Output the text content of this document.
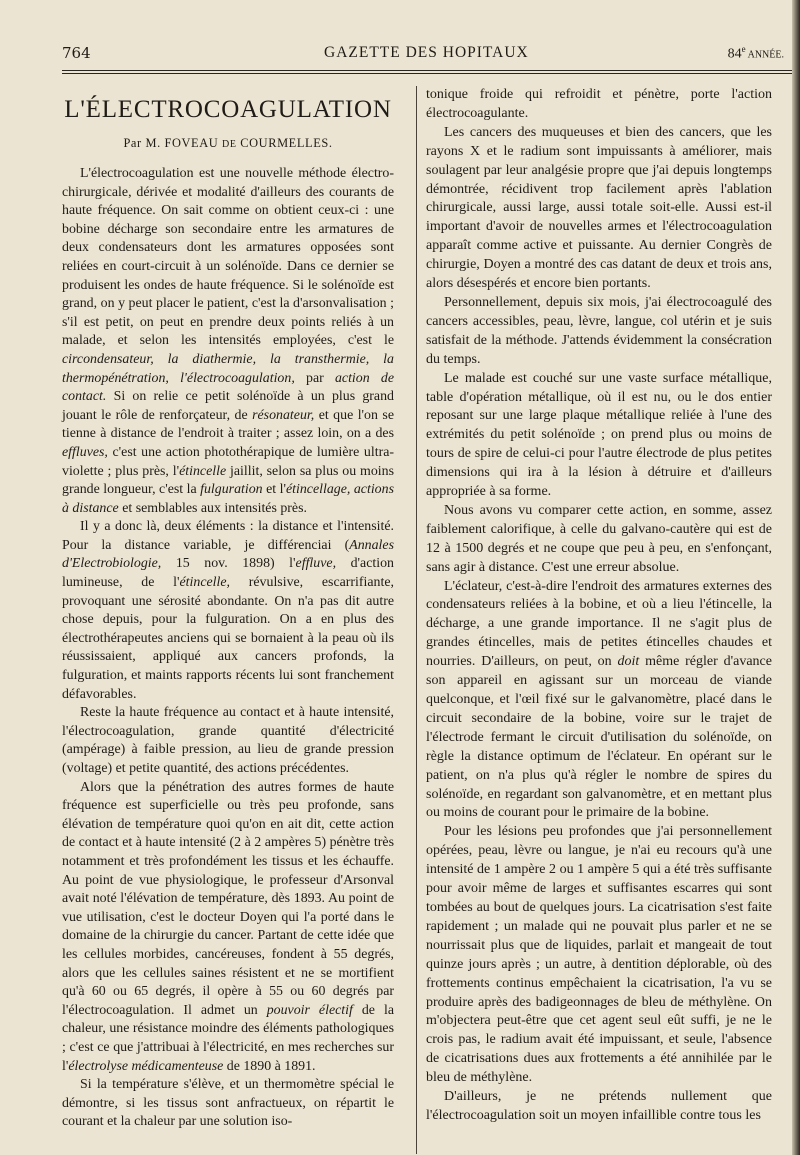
764	GAZETTE DES HOPITAUX	84e ANNÉE.
L'ÉLECTROCOAGULATION
Par M. FOVEAU DE COURMELLES.

L'électrocoagulation est une nouvelle méthode électro-chirurgicale, dérivée et modalité d'ailleurs des courants de haute fréquence. On sait comme on obtient ceux-ci : une bobine décharge son secondaire entre les armatures de deux condensateurs dont les armatures opposées sont reliées en court-circuit à un solénoïde. Dans ce dernier se produisent les ondes de haute fréquence. Si le solénoïde est grand, on y peut placer le patient, c'est la d'arsonvalisation ; s'il est petit, on peut en prendre deux points reliés à un malade, et selon les intensités employées, c'est le circondensateur, la diathermie, la transthermie, la thermopénétration, l'électrocoagulation, par action de contact. Si on relie ce petit solénoïde à un plus grand jouant le rôle de renforçateur, de résonateur, et que l'on se tienne à distance de l'endroit à traiter ; assez loin, on a des effluves, c'est une action photothérapique de lumière ultra-violette ; plus près, l'étincelle jaillit, selon sa plus ou moins grande longueur, c'est la fulguration et l'étincellage, actions à distance et semblables aux intensités près.

Il y a donc là, deux éléments : la distance et l'intensité. Pour la distance variable, je différenciai (Annales d'Electrobiologie, 15 nov. 1898) l'effluve, d'action lumineuse, de l'étincelle, révulsive, escarrifiante, provoquant une sérosité abondante. On n'a pas dit autre chose depuis, pour la fulguration. On a en plus des électrothérapeutes anciens qui se bornaient à la peau où ils réussissaient, appliqué aux cancers profonds, la fulguration, et maints rapports récents lui sont franchement défavorables.

Reste la haute fréquence au contact et à haute intensité, l'électrocoagulation, grande quantité d'électricité (ampérage) à faible pression, au lieu de grande pression (voltage) et petite quantité, des actions précédentes.

Alors que la pénétration des autres formes de haute fréquence est superficielle ou très peu profonde, sans élévation de température quoi qu'on en ait dit, cette action de contact et à haute intensité (2 à 2 ampères 5) pénètre très notamment et très profondément les tissus et les échauffe. Au point de vue physiologique, le professeur d'Arsonval avait noté l'élévation de température, dès 1893. Au point de vue utilisation, c'est le docteur Doyen qui l'a porté dans le domaine de la chirurgie du cancer. Partant de cette idée que les cellules morbides, cancéreuses, fondent à 55 degrés, alors que les cellules saines résistent et ne se mortifient qu'à 60 ou 65 degrés, il opère à 55 ou 60 degrés par l'électrocoagulation. Il admet un pouvoir électif de la chaleur, une résistance moindre des éléments pathologiques ; c'est ce que j'attribuai à l'électricité, en mes recherches sur l'électrolyse médicamenteuse de 1890 à 1891.

Si la température s'élève, et un thermomètre spécial le démontre, si les tissus sont anfractueux, on répartit le courant et la chaleur par une solution iso-

tonique froide qui refroidit et pénètre, porte l'action électrocoagulante.

Les cancers des muqueuses et bien des cancers, que les rayons X et le radium sont impuissants à améliorer, mais soulagent par leur analgésie propre que j'ai depuis longtemps démontrée, récidivent trop facilement après l'ablation chirurgicale, aussi large, aussi totale soit-elle. Aussi est-il important d'avoir de nouvelles armes et l'électrocoagulation apparaît comme active et puissante. Au dernier Congrès de chirurgie, Doyen a montré des cas datant de deux et trois ans, alors désespérés et encore bien portants.

Personnellement, depuis six mois, j'ai électrocoagulé des cancers accessibles, peau, lèvre, langue, col utérin et je suis satisfait de la méthode. J'attends évidemment la consécration du temps.

Le malade est couché sur une vaste surface métallique, table d'opération métallique, où il est nu, ou le dos entier reposant sur une large plaque métallique reliée à l'une des extrémités du petit solénoïde ; on prend plus ou moins de tours de spire de celui-ci pour l'autre électrode de plus petites dimensions qui ira à la lésion à détruire et d'ailleurs appropriée à sa forme.

Nous avons vu comparer cette action, en somme, assez faiblement calorifique, à celle du galvano-cautère qui est de 12 à 1500 degrés et ne coupe que peu à peu, en s'enfonçant, sans agir à distance. C'est une erreur absolue.

L'éclateur, c'est-à-dire l'endroit des armatures externes des condensateurs reliées à la bobine, et où a lieu l'étincelle, la décharge, a une grande importance. Il ne s'agit plus de grandes étincelles, mais de petites étincelles chaudes et nourries. D'ailleurs, on peut, on doit même régler d'avance son appareil en agissant sur un morceau de viande quelconque, et l'œil fixé sur le galvanomètre, placé dans le circuit secondaire de la bobine, voire sur le trajet de l'électrode fermant le circuit d'utilisation du solénoïde, on règle la distance optimum de l'éclateur. En opérant sur le patient, on n'a plus qu'à régler le nombre de spires du solénoïde, en regardant son galvanomètre, et en mettant plus ou moins de courant pour le primaire de la bobine.

Pour les lésions peu profondes que j'ai personnellement opérées, peau, lèvre ou langue, je n'ai eu recours qu'à une intensité de 1 ampère 2 ou 1 ampère 5 qui a été très suffisante pour avoir même de larges et suffisantes escarres qui sont tombées au bout de quelques jours. La cicatrisation s'est faite rapidement ; un malade qui ne pouvait plus parler et ne se nourrissait plus que de liquides, parlait et mangeait de tout quinze jours après ; un autre, à dentition déplorable, où des frottements continus empêchaient la cicatrisation, l'a vu se produire après des badigeonnages de bleu de méthylène. On m'objectera peut-être que cet agent seul eût suffi, je ne le crois pas, le radium avait été impuissant, et seule, l'absence de cicatrisations dues aux frottements a été annihilée par le bleu de méthylène.

D'ailleurs, je ne prétends nullement que l'électrocoagulation soit un moyen infaillible contre tous les
